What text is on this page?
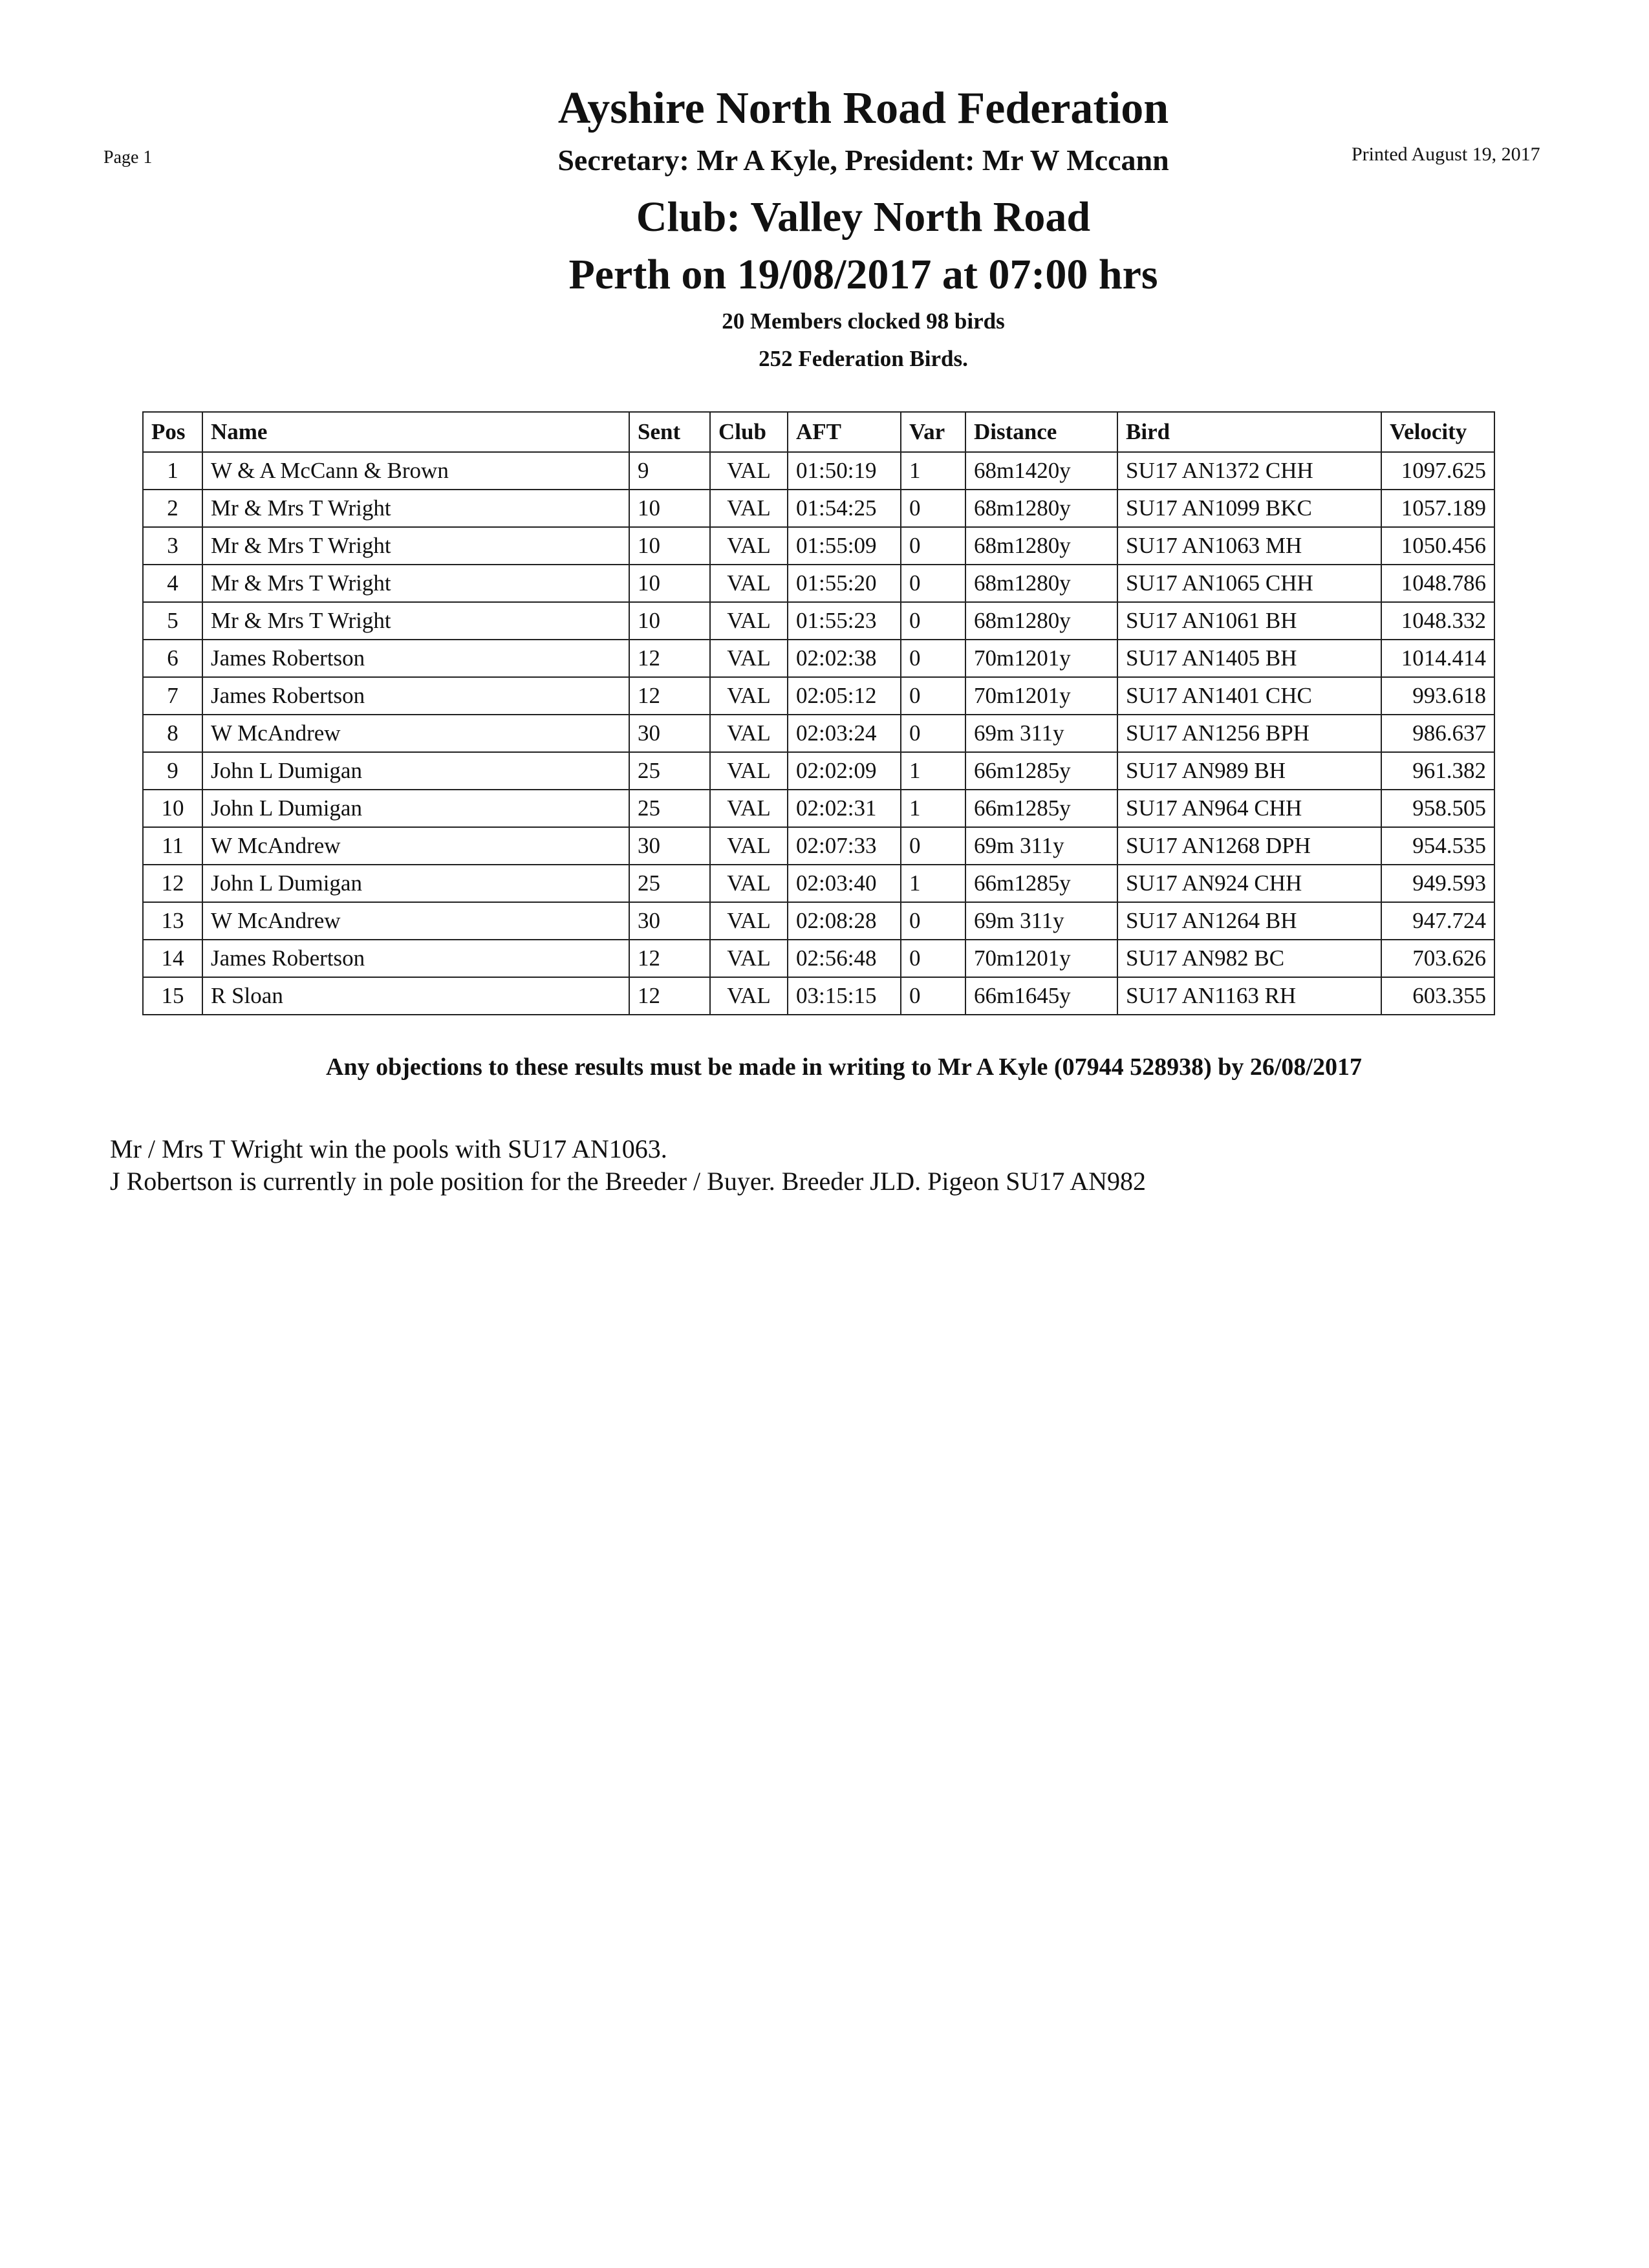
Page 1	Printed August 19, 2017
Ayshire North Road Federation
Secretary: Mr A Kyle, President: Mr W Mccann
Club: Valley North Road
Perth on 19/08/2017 at 07:00 hrs
20 Members clocked 98 birds
252 Federation Birds.
Pos	Name	Sent	Club	AFT	Var	Distance	Bird	Velocity
1	W & A McCann & Brown	9	VAL	01:50:19	1	68m1420y	SU17 AN1372 CHH	1097.625
2	Mr & Mrs T Wright	10	VAL	01:54:25	0	68m1280y	SU17 AN1099 BKC	1057.189
3	Mr & Mrs T Wright	10	VAL	01:55:09	0	68m1280y	SU17 AN1063 MH	1050.456
4	Mr & Mrs T Wright	10	VAL	01:55:20	0	68m1280y	SU17 AN1065 CHH	1048.786
5	Mr & Mrs T Wright	10	VAL	01:55:23	0	68m1280y	SU17 AN1061 BH	1048.332
6	James Robertson	12	VAL	02:02:38	0	70m1201y	SU17 AN1405 BH	1014.414
7	James Robertson	12	VAL	02:05:12	0	70m1201y	SU17 AN1401 CHC	993.618
8	W McAndrew	30	VAL	02:03:24	0	69m 311y	SU17 AN1256 BPH	986.637
9	John L Dumigan	25	VAL	02:02:09	1	66m1285y	SU17 AN989 BH	961.382
10	John L Dumigan	25	VAL	02:02:31	1	66m1285y	SU17 AN964 CHH	958.505
11	W McAndrew	30	VAL	02:07:33	0	69m 311y	SU17 AN1268 DPH	954.535
12	John L Dumigan	25	VAL	02:03:40	1	66m1285y	SU17 AN924 CHH	949.593
13	W McAndrew	30	VAL	02:08:28	0	69m 311y	SU17 AN1264 BH	947.724
14	James Robertson	12	VAL	02:56:48	0	70m1201y	SU17 AN982 BC	703.626
15	R Sloan	12	VAL	03:15:15	0	66m1645y	SU17 AN1163 RH	603.355
Any objections to these results must be made in writing to Mr A Kyle (07944 528938) by 26/08/2017
Mr / Mrs T Wright win the pools with SU17 AN1063.
J Robertson is currently in pole position for the Breeder / Buyer. Breeder JLD. Pigeon SU17 AN982
